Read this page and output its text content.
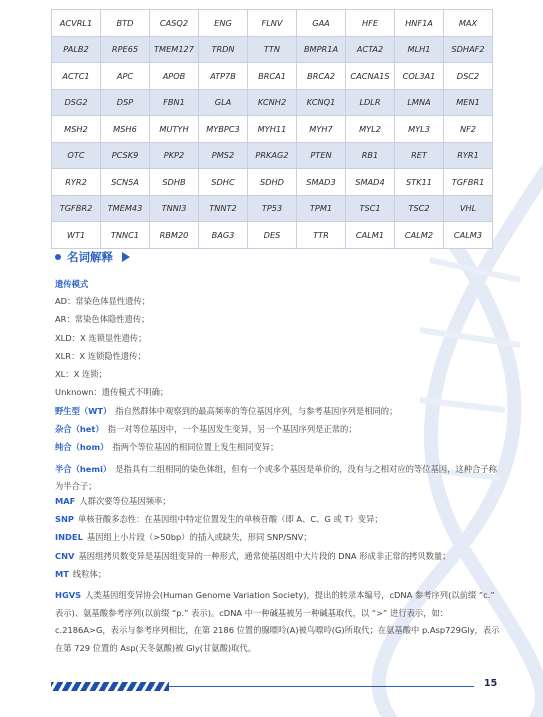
ACVRL1	BTD	CASQ2	ENG	FLNV	GAA	HFE	HNF1A	MAX
PALB2	RPE65	TMEM127	TRDN	TTN	BMPR1A	ACTA2	MLH1	SDHAF2
ACTC1	APC	APOB	ATP7B	BRCA1	BRCA2	CACNA1S	COL3A1	DSC2
DSG2	DSP	FBN1	GLA	KCNH2	KCNQ1	LDLR	LMNA	MEN1
MSH2	MSH6	MUTYH	MYBPC3	MYH11	MYH7	MYL2	MYL3	NF2
OTC	PCSK9	PKP2	PMS2	PRKAG2	PTEN	RB1	RET	RYR1
RYR2	SCN5A	SDHB	SDHC	SDHD	SMAD3	SMAD4	STK11	TGFBR1
TGFBR2	TMEM43	TNNI3	TNNT2	TP53	TPM1	TSC1	TSC2	VHL
WT1	TNNC1	RBM20	BAG3	DES	TTR	CALM1	CALM2	CALM3
名词解释
遗传模式
AD：常染色体显性遗传；
AR：常染色体隐性遗传；
XLD：X 连锁显性遗传；
XLR：X 连锁隐性遗传；
XL：X 连锁；
Unknown：遗传模式不明确；
野生型（WT） 指自然群体中观察到的最高频率的等位基因序列，与参考基因序列是相同的；
杂合（het） 指一对等位基因中，一个基因发生变异，另一个基因序列是正常的；
纯合（hom） 指两个等位基因的相同位置上发生相同变异；
半合（hemi） 是指具有二组相同的染色体组，但有一个或多个基因是单价的，没有与之相对应的等位基因，这种合子称为半合子；
MAF 人群次要等位基因频率；
SNP 单核苷酸多态性：在基因组中特定位置发生的单核苷酸（即 A、C、G 或 T）变异；
INDEL 基因组上小片段（>50bp）的插入或缺失，形同 SNP/SNV；
CNV 基因组拷贝数变异是基因组变异的一种形式，通常使基因组中大片段的 DNA 形成非正常的拷贝数量；
MT 线粒体；
HGVS 人类基因组变异协会(Human Genome Variation Society)，提出的转录本编号，cDNA 参考序列(以前缀 “c.” 表示)、氨基酸参考序列(以前缀 “p.” 表示)。cDNA 中一种碱基被另一种碱基取代，以 “>” 进行表示，如：c.2186A>G，表示与参考序列相比，在第 2186 位置的腺嘌呤(A)被鸟嘌呤(G)所取代；在氨基酸中 p.Asp729Gly，表示在第 729 位置的 Asp(天冬氨酸)被 Gly(甘氨酸)取代。
15
